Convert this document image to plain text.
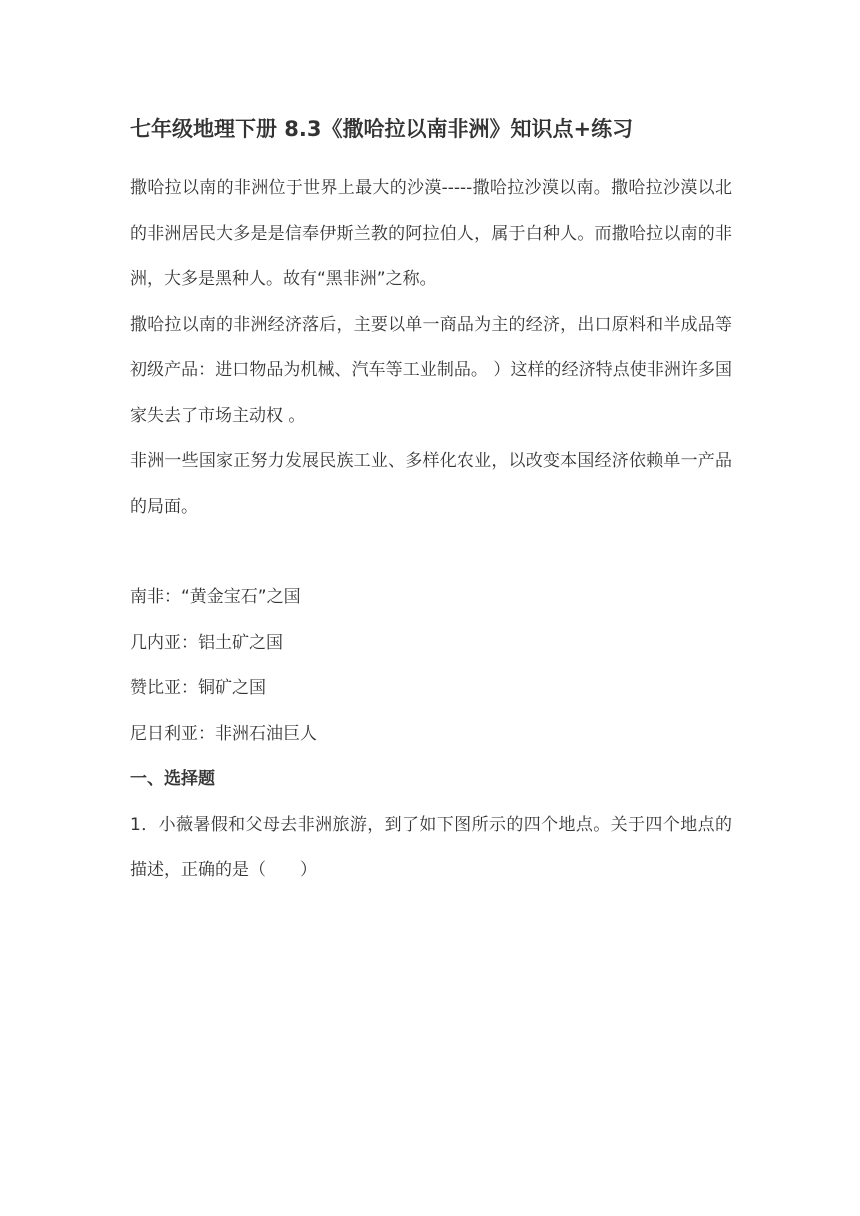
七年级地理下册 8.3《撒哈拉以南非洲》知识点+练习

撒哈拉以南的非洲位于世界上最大的沙漠-----撒哈拉沙漠以南。撒哈拉沙漠以北的非洲居民大多是是信奉伊斯兰教的阿拉伯人，属于白种人。而撒哈拉以南的非洲，大多是黑种人。故有“黑非洲”之称。

撒哈拉以南的非洲经济落后，主要以单一商品为主的经济，出口原料和半成品等初级产品：进口物品为机械、汽车等工业制品。 ）这样的经济特点使非洲许多国家失去了市场主动权 。

非洲一些国家正努力发展民族工业、多样化农业，以改变本国经济依赖单一产品的局面。

南非：“黄金宝石”之国

几内亚：铝土矿之国

赞比亚：铜矿之国

尼日利亚：非洲石油巨人

一、选择题

1．小薇暑假和父母去非洲旅游，到了如下图所示的四个地点。关于四个地点的描述，正确的是（　　）
